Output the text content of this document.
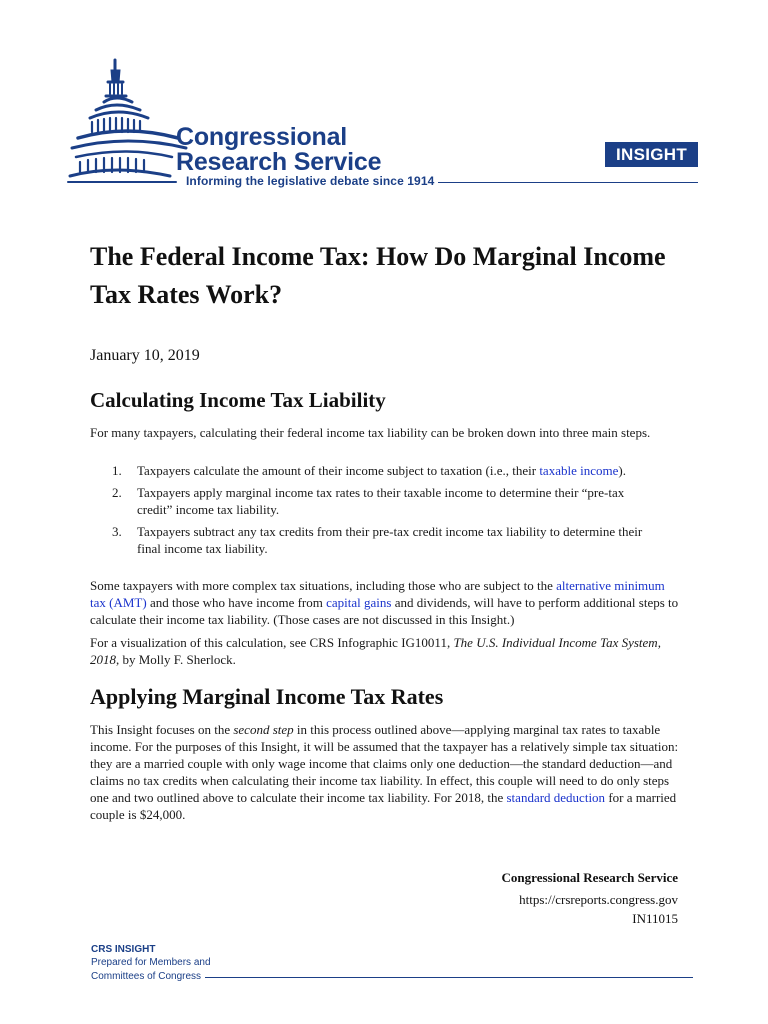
Congressional
Research Service
Informing the legislative debate since 1914
INSIGHT
The Federal Income Tax: How Do Marginal Income Tax Rates Work?
January 10, 2019
Calculating Income Tax Liability

For many taxpayers, calculating their federal income tax liability can be broken down into three main steps.

1. Taxpayers calculate the amount of their income subject to taxation (i.e., their taxable income).
2. Taxpayers apply marginal income tax rates to their taxable income to determine their “pre-tax credit” income tax liability.
3. Taxpayers subtract any tax credits from their pre-tax credit income tax liability to determine their final income tax liability.

Some taxpayers with more complex tax situations, including those who are subject to the alternative minimum tax (AMT) and those who have income from capital gains and dividends, will have to perform additional steps to calculate their income tax liability. (Those cases are not discussed in this Insight.)

For a visualization of this calculation, see CRS Infographic IG10011, The U.S. Individual Income Tax System, 2018, by Molly F. Sherlock.

Applying Marginal Income Tax Rates

This Insight focuses on the second step in this process outlined above—applying marginal tax rates to taxable income. For the purposes of this Insight, it will be assumed that the taxpayer has a relatively simple tax situation: they are a married couple with only wage income that claims only one deduction—the standard deduction—and claims no tax credits when calculating their income tax liability. In effect, this couple will need to do only steps one and two outlined above to calculate their income tax liability. For 2018, the standard deduction for a married couple is $24,000.

Congressional Research Service
https://crsreports.congress.gov
IN11015
CRS INSIGHT
Prepared for Members and
Committees of Congress
